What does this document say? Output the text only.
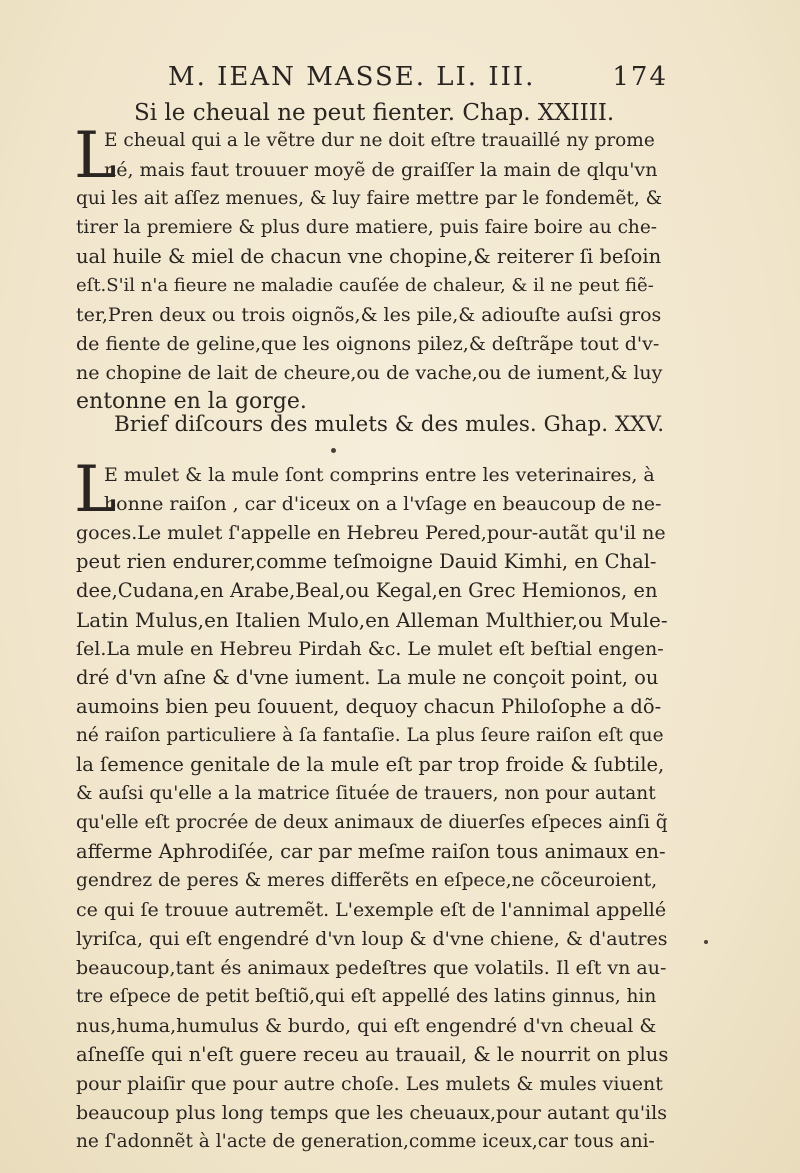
M. IEAN MASSE. LI. III.	174
Si le cheual ne peut fienter. Chap. XXIIII.
L
E cheual qui a le vẽtre dur ne doit eſtre trauaillé ny prome
né, mais faut trouuer moyẽ de graiſſer la main de qlqu'vn
qui les ait aſſez menues, & luy faire mettre par le fondemẽt, &
tirer la premiere & plus dure matiere, puis faire boire au che-
ual huile & miel de chacun vne chopine,& reiterer ſi beſoin
eſt.S'il n'a fieure ne maladie cauſée de chaleur, & il ne peut fiẽ-
ter,Pren deux ou trois oignõs,& les pile,& adiouſte auſsi gros
de fiente de geline,que les oignons pilez,& deſtrãpe tout d'v-
ne chopine de lait de cheure,ou de vache,ou de iument,& luy
entonne en la gorge.
Brief diſcours des mulets & des mules. Ghap. XXV.
L
E mulet & la mule ſont comprins entre les veterinaires, à
bonne raiſon , car d'iceux on a l'vſage en beaucoup de ne-
goces.Le mulet ſ'appelle en Hebreu Pered,pour-autãt qu'il ne
peut rien endurer,comme teſmoigne Dauid Kimhi, en Chal-
dee,Cudana,en Arabe,Beal,ou Kegal,en Grec Hemionos, en
Latin Mulus,en Italien Mulo,en Alleman Multhier,ou Mule-
ſel.La mule en Hebreu Pirdah &c. Le mulet eſt beſtial engen-
dré d'vn aſne & d'vne iument. La mule ne conçoit point, ou
aumoins bien peu ſouuent, dequoy chacun Philoſophe a dõ-
né raiſon particuliere à ſa fantaſie. La plus ſeure raiſon eſt que
la ſemence genitale de la mule eſt par trop froide & ſubtile,
& auſsi qu'elle a la matrice ſituée de trauers, non pour autant
qu'elle eſt procrée de deux animaux de diuerſes eſpeces ainſi q̃
afferme Aphrodiſée, car par meſme raiſon tous animaux en-
gendrez de peres & meres differẽts en eſpece,ne cõceuroient,
ce qui ſe trouue autremẽt. L'exemple eſt de l'annimal appellé
lyriſca, qui eſt engendré d'vn loup & d'vne chiene, & d'autres
beaucoup,tant és animaux pedeſtres que volatils. Il eſt vn au-
tre eſpece de petit beſtiõ,qui eſt appellé des latins ginnus, hin
nus,huma,humulus & burdo, qui eſt engendré d'vn cheual &
aſneſſe qui n'eſt guere receu au trauail, & le nourrit on plus
pour plaiſir que pour autre choſe. Les mulets & mules viuent
beaucoup plus long temps que les cheuaux,pour autant qu'ils
ne ſ'adonnẽt à l'acte de generation,comme iceux,car tous ani-
